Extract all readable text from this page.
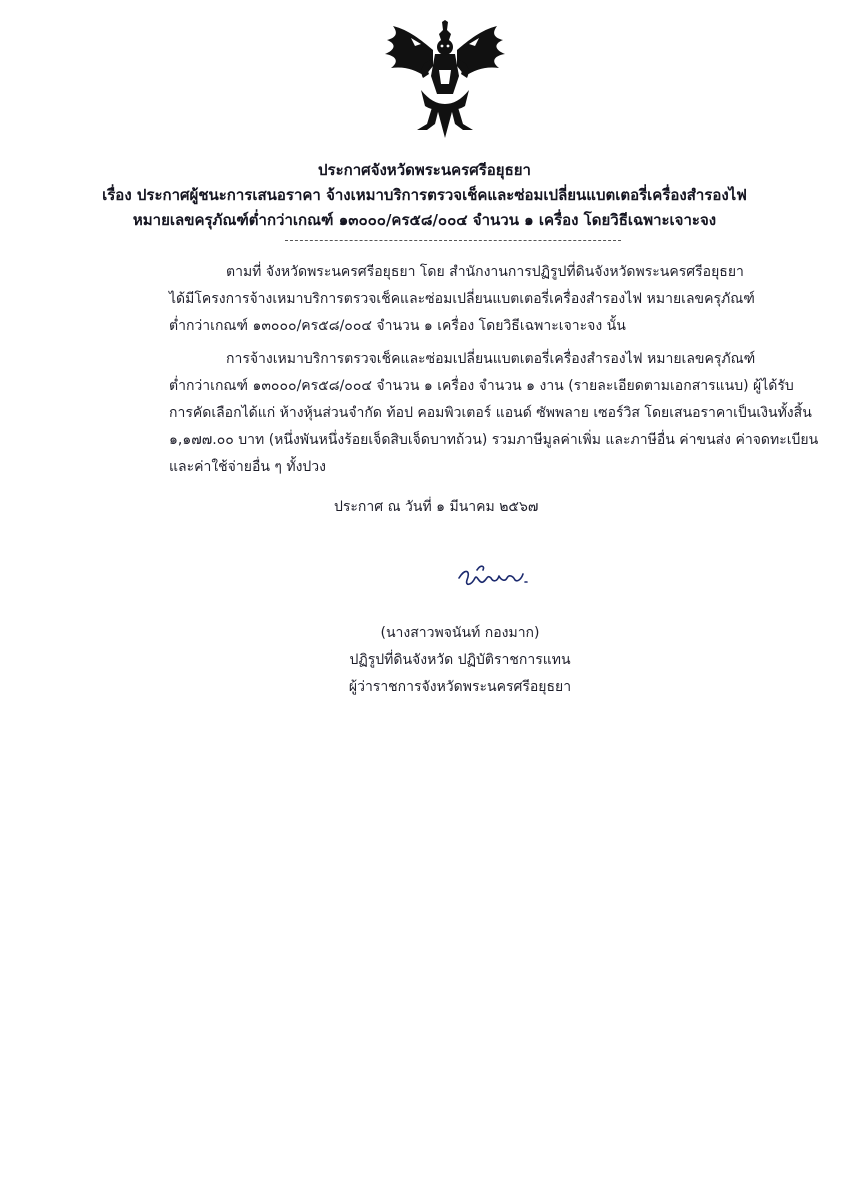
ประกาศจังหวัดพระนครศรีอยุธยา
เรื่อง ประกาศผู้ชนะการเสนอราคา จ้างเหมาบริการตรวจเช็คและซ่อมเปลี่ยนแบตเตอรี่เครื่องสำรองไฟ
หมายเลขครุภัณฑ์ต่ำกว่าเกณฑ์ ๑๓๐๐๐/คร๕๘/๐๐๔ จำนวน ๑ เครื่อง โดยวิธีเฉพาะเจาะจง
ตามที่ จังหวัดพระนครศรีอยุธยา โดย สำนักงานการปฏิรูปที่ดินจังหวัดพระนครศรีอยุธยา
ได้มีโครงการจ้างเหมาบริการตรวจเช็คและซ่อมเปลี่ยนแบตเตอรี่เครื่องสำรองไฟ หมายเลขครุภัณฑ์
ต่ำกว่าเกณฑ์ ๑๓๐๐๐/คร๕๘/๐๐๔ จำนวน ๑ เครื่อง โดยวิธีเฉพาะเจาะจง นั้น
การจ้างเหมาบริการตรวจเช็คและซ่อมเปลี่ยนแบตเตอรี่เครื่องสำรองไฟ หมายเลขครุภัณฑ์
ต่ำกว่าเกณฑ์ ๑๓๐๐๐/คร๕๘/๐๐๔ จำนวน ๑ เครื่อง จำนวน ๑ งาน (รายละเอียดตามเอกสารแนบ) ผู้ได้รับ
การคัดเลือกได้แก่ ห้างหุ้นส่วนจำกัด ท้อป คอมพิวเตอร์ แอนด์ ซัพพลาย เซอร์วิส โดยเสนอราคาเป็นเงินทั้งสิ้น
๑,๑๗๗.๐๐ บาท (หนึ่งพันหนึ่งร้อยเจ็ดสิบเจ็ดบาทถ้วน) รวมภาษีมูลค่าเพิ่ม และภาษีอื่น ค่าขนส่ง ค่าจดทะเบียน
และค่าใช้จ่ายอื่น ๆ ทั้งปวง
ประกาศ ณ วันที่ ๑ มีนาคม ๒๕๖๗
(นางสาวพจนันท์ กองมาก)
ปฏิรูปที่ดินจังหวัด ปฏิบัติราชการแทน
ผู้ว่าราชการจังหวัดพระนครศรีอยุธยา
